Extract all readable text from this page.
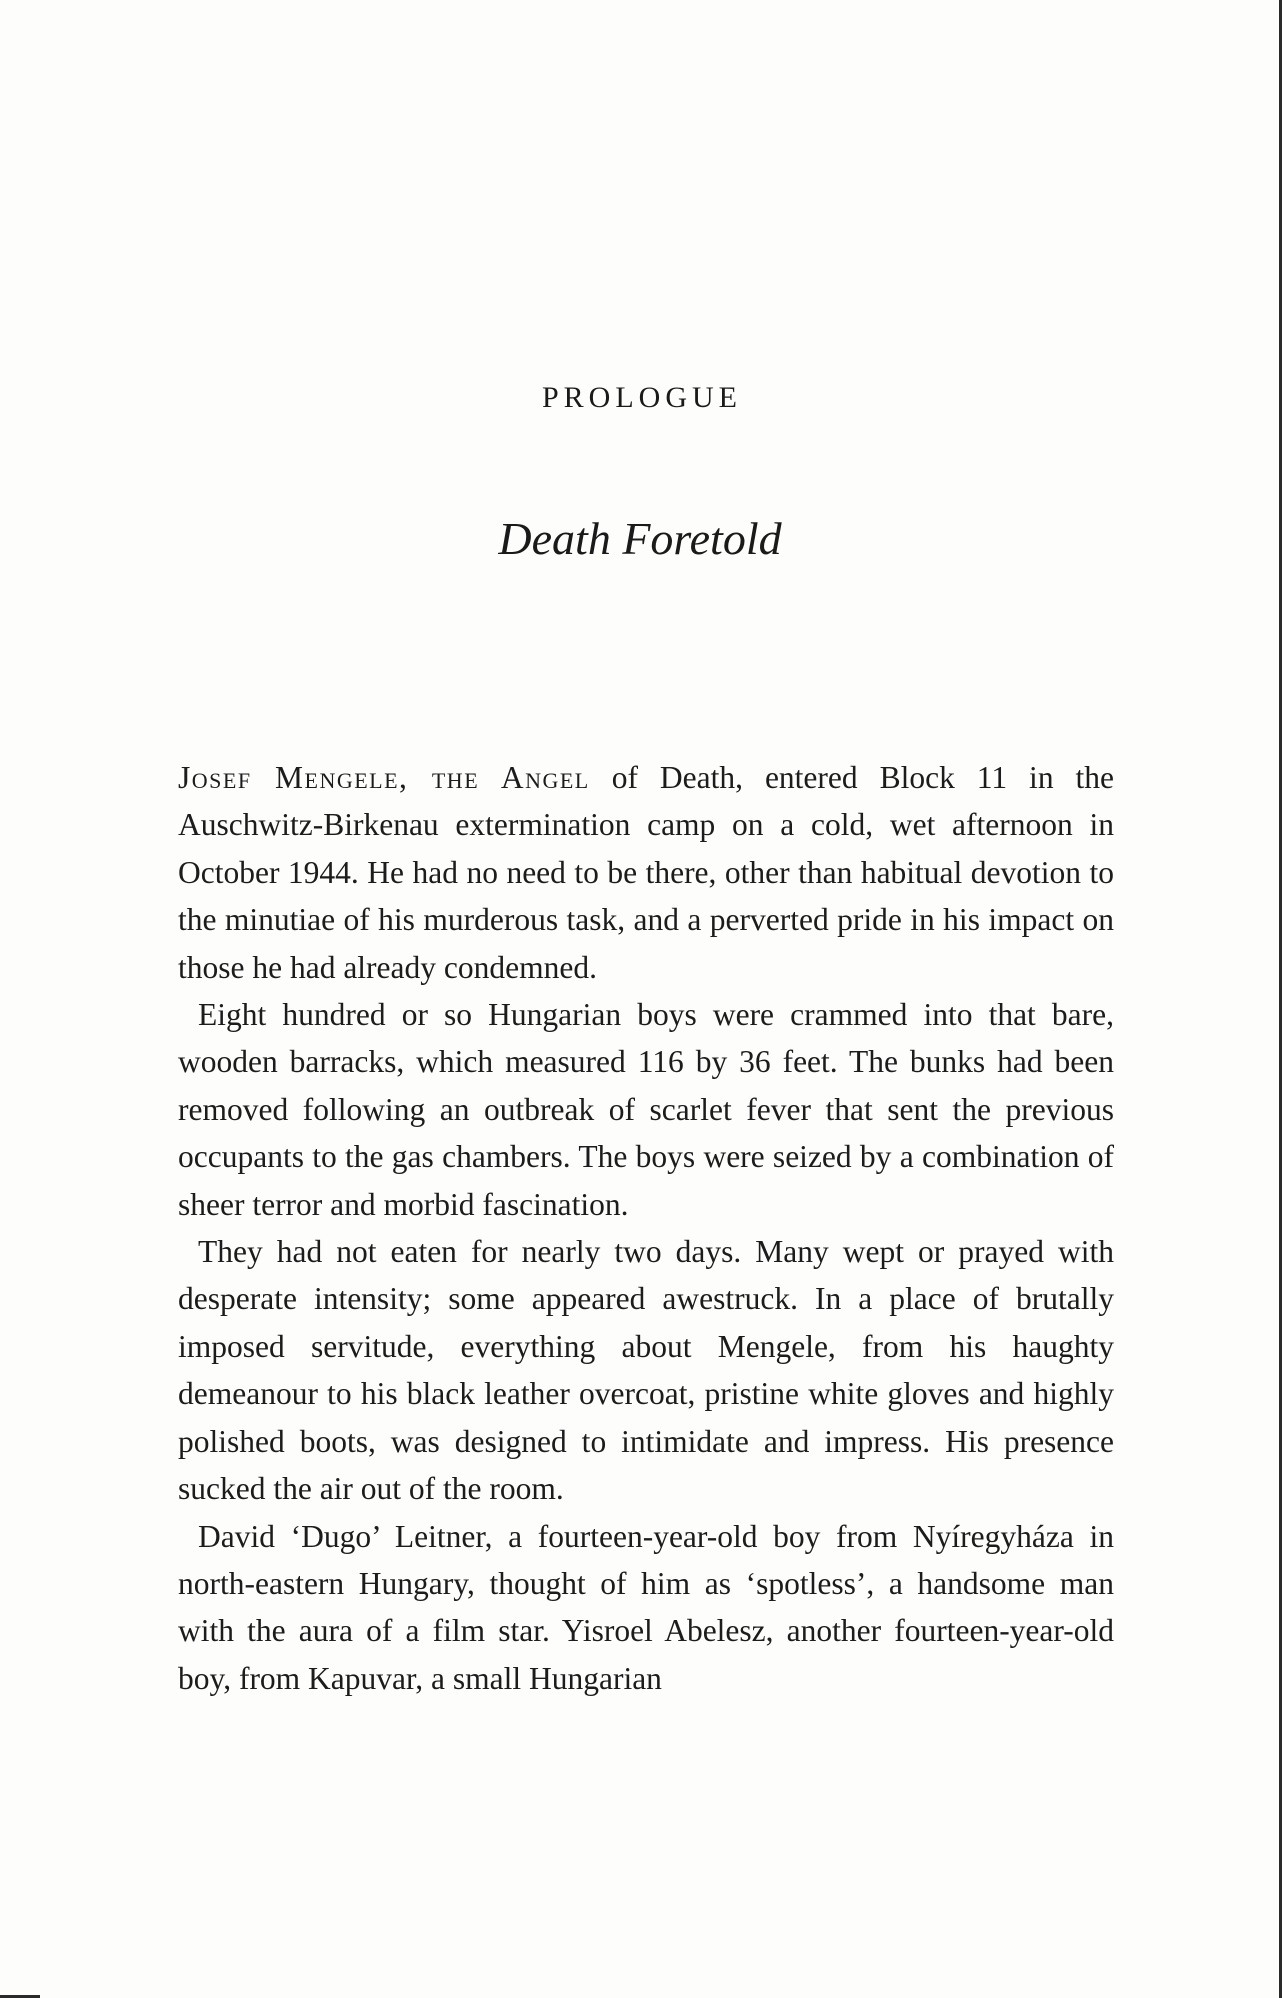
PROLOGUE
Death Foretold

Josef Mengele, the Angel of Death, entered Block 11 in the Auschwitz-Birkenau extermination camp on a cold, wet afternoon in October 1944. He had no need to be there, other than habitual devotion to the minutiae of his murderous task, and a perverted pride in his impact on those he had already condemned.

Eight hundred or so Hungarian boys were crammed into that bare, wooden barracks, which measured 116 by 36 feet. The bunks had been removed following an outbreak of scarlet fever that sent the previous occupants to the gas chambers. The boys were seized by a combination of sheer terror and morbid fascination.

They had not eaten for nearly two days. Many wept or prayed with desperate intensity; some appeared awestruck. In a place of brutally imposed servitude, everything about Mengele, from his haughty demeanour to his black leather overcoat, pristine white gloves and highly polished boots, was designed to intimidate and impress. His presence sucked the air out of the room.

David ‘Dugo’ Leitner, a fourteen-year-old boy from Nyíregyháza in north-eastern Hungary, thought of him as ‘spotless’, a handsome man with the aura of a film star. Yisroel Abelesz, another fourteen-year-old boy, from Kapuvar, a small Hungarian
